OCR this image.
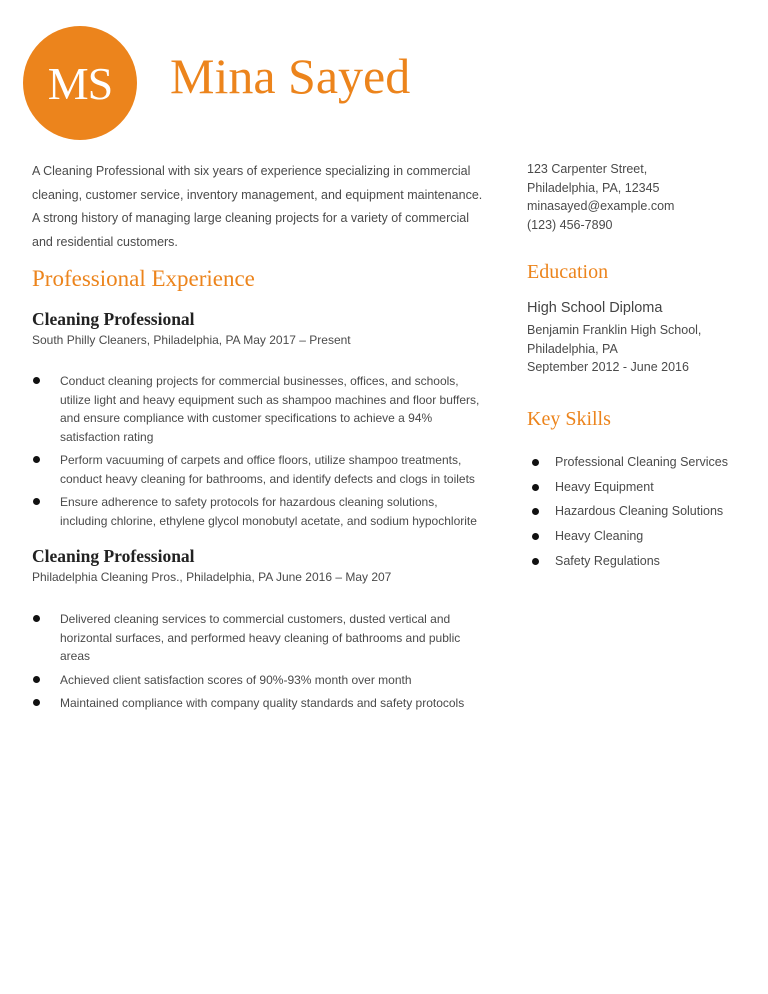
MS Mina Sayed
A Cleaning Professional with six years of experience specializing in commercial cleaning, customer service, inventory management, and equipment maintenance. A strong history of managing large cleaning projects for a variety of commercial and residential customers.
123 Carpenter Street,
Philadelphia, PA, 12345
minasayed@example.com
(123) 456-7890
Professional Experience
Cleaning Professional
South Philly Cleaners, Philadelphia, PA May 2017 – Present
Conduct cleaning projects for commercial businesses, offices, and schools, utilize light and heavy equipment such as shampoo machines and floor buffers, and ensure compliance with customer specifications to achieve a 94% satisfaction rating
Perform vacuuming of carpets and office floors, utilize shampoo treatments, conduct heavy cleaning for bathrooms, and identify defects and clogs in toilets
Ensure adherence to safety protocols for hazardous cleaning solutions, including chlorine, ethylene glycol monobutyl acetate, and sodium hypochlorite
Cleaning Professional
Philadelphia Cleaning Pros., Philadelphia, PA June 2016 – May 207
Delivered cleaning services to commercial customers, dusted vertical and horizontal surfaces, and performed heavy cleaning of bathrooms and public areas
Achieved client satisfaction scores of 90%-93% month over month
Maintained compliance with company quality standards and safety protocols
Education
High School Diploma
Benjamin Franklin High School,
Philadelphia, PA
September 2012 - June 2016
Key Skills
Professional Cleaning Services
Heavy Equipment
Hazardous Cleaning Solutions
Heavy Cleaning
Safety Regulations
